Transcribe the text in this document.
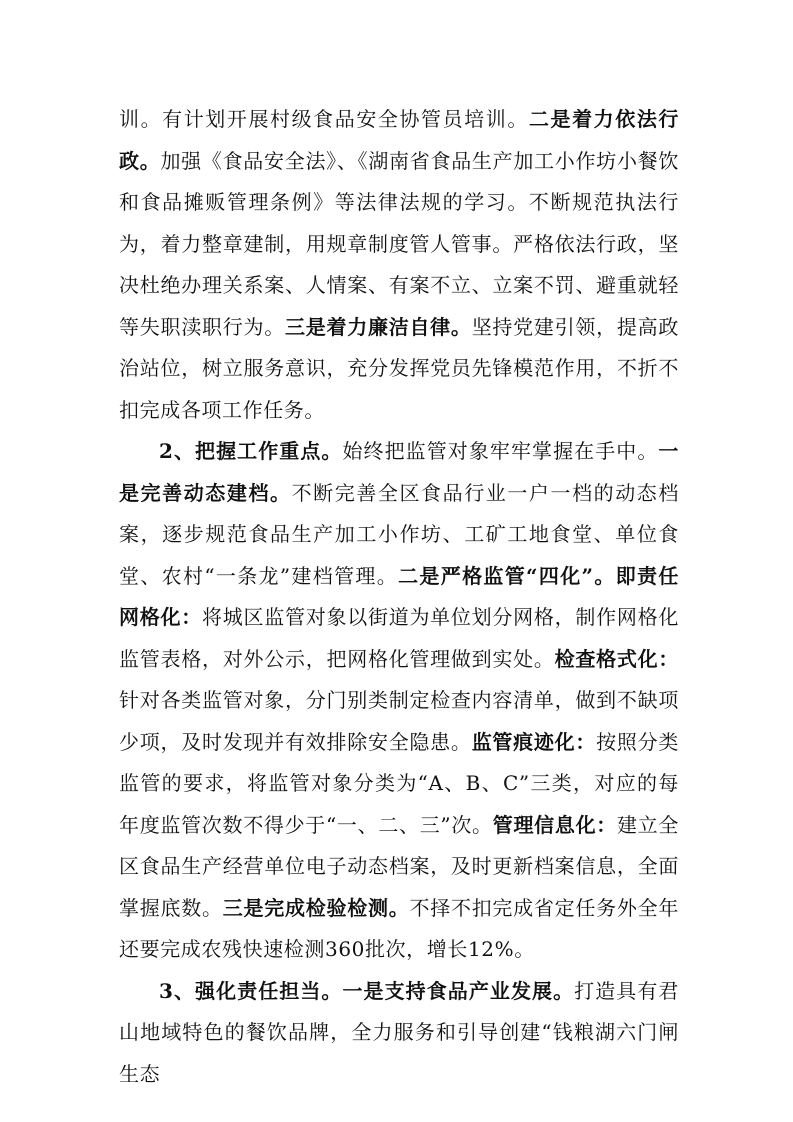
训。有计划开展村级食品安全协管员培训。二是着力依法行政。加强《食品安全法》、《湖南省食品生产加工小作坊小餐饮和食品摊贩管理条例》等法律法规的学习。不断规范执法行为，着力整章建制，用规章制度管人管事。严格依法行政，坚决杜绝办理关系案、人情案、有案不立、立案不罚、避重就轻等失职渎职行为。三是着力廉洁自律。坚持党建引领，提高政治站位，树立服务意识，充分发挥党员先锋模范作用，不折不扣完成各项工作任务。

2、把握工作重点。始终把监管对象牢牢掌握在手中。一是完善动态建档。不断完善全区食品行业一户一档的动态档案，逐步规范食品生产加工小作坊、工矿工地食堂、单位食堂、农村“一条龙”建档管理。二是严格监管“四化”。即责任网格化：将城区监管对象以街道为单位划分网格，制作网格化监管表格，对外公示，把网格化管理做到实处。检查格式化：针对各类监管对象，分门别类制定检查内容清单，做到不缺项少项，及时发现并有效排除安全隐患。监管痕迹化：按照分类监管的要求，将监管对象分类为“A、B、C”三类，对应的每年度监管次数不得少于“一、二、三”次。管理信息化：建立全区食品生产经营单位电子动态档案，及时更新档案信息，全面掌握底数。三是完成检验检测。不择不扣完成省定任务外全年还要完成农残快速检测360批次，增长12%。

3、强化责任担当。一是支持食品产业发展。打造具有君山地域特色的餐饮品牌，全力服务和引导创建“钱粮湖六门闸生态
